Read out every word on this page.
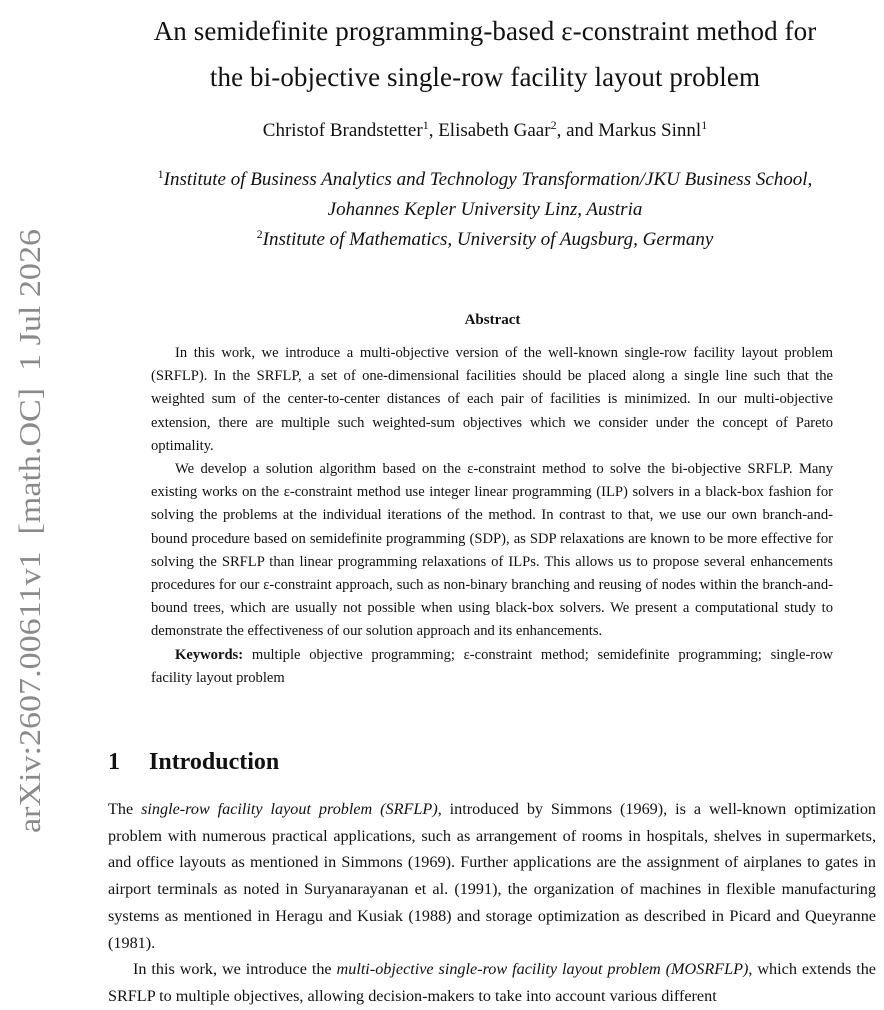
arXiv:2607.00611v1  [math.OC]  1 Jul 2026
An semidefinite programming-based ε-constraint method for
the bi-objective single-row facility layout problem

Christof Brandstetter$^1$, Elisabeth Gaar$^2$, and Markus Sinnl$^1$

$^1$Institute of Business Analytics and Technology Transformation/JKU Business School,
Johannes Kepler University Linz, Austria
$^2$Institute of Mathematics, University of Augsburg, Germany
Abstract

In this work, we introduce a multi-objective version of the well-known single-row facility layout problem (SRFLP). In the SRFLP, a set of one-dimensional facilities should be placed along a single line such that the weighted sum of the center-to-center distances of each pair of facilities is minimized. In our multi-objective extension, there are multiple such weighted-sum objectives which we consider under the concept of Pareto optimality.

We develop a solution algorithm based on the ε-constraint method to solve the bi-objective SRFLP. Many existing works on the ε-constraint method use integer linear programming (ILP) solvers in a black-box fashion for solving the problems at the individual iterations of the method. In contrast to that, we use our own branch-and-bound procedure based on semidefinite programming (SDP), as SDP relaxations are known to be more effective for solving the SRFLP than linear programming relaxations of ILPs. This allows us to propose several enhancements procedures for our ε-constraint approach, such as non-binary branching and reusing of nodes within the branch-and-bound trees, which are usually not possible when using black-box solvers. We present a computational study to demonstrate the effectiveness of our solution approach and its enhancements.

Keywords: multiple objective programming; ε-constraint method; semidefinite programming; single-row facility layout problem

1 Introduction

The single-row facility layout problem (SRFLP), introduced by Simmons (1969), is a well-known optimization problem with numerous practical applications, such as arrangement of rooms in hospitals, shelves in supermarkets, and office layouts as mentioned in Simmons (1969). Further applications are the assignment of airplanes to gates in airport terminals as noted in Suryanarayanan et al. (1991), the organization of machines in flexible manufacturing systems as mentioned in Heragu and Kusiak (1988) and storage optimization as described in Picard and Queyranne (1981).

In this work, we introduce the multi-objective single-row facility layout problem (MOSRFLP), which extends the SRFLP to multiple objectives, allowing decision-makers to take into account various different
